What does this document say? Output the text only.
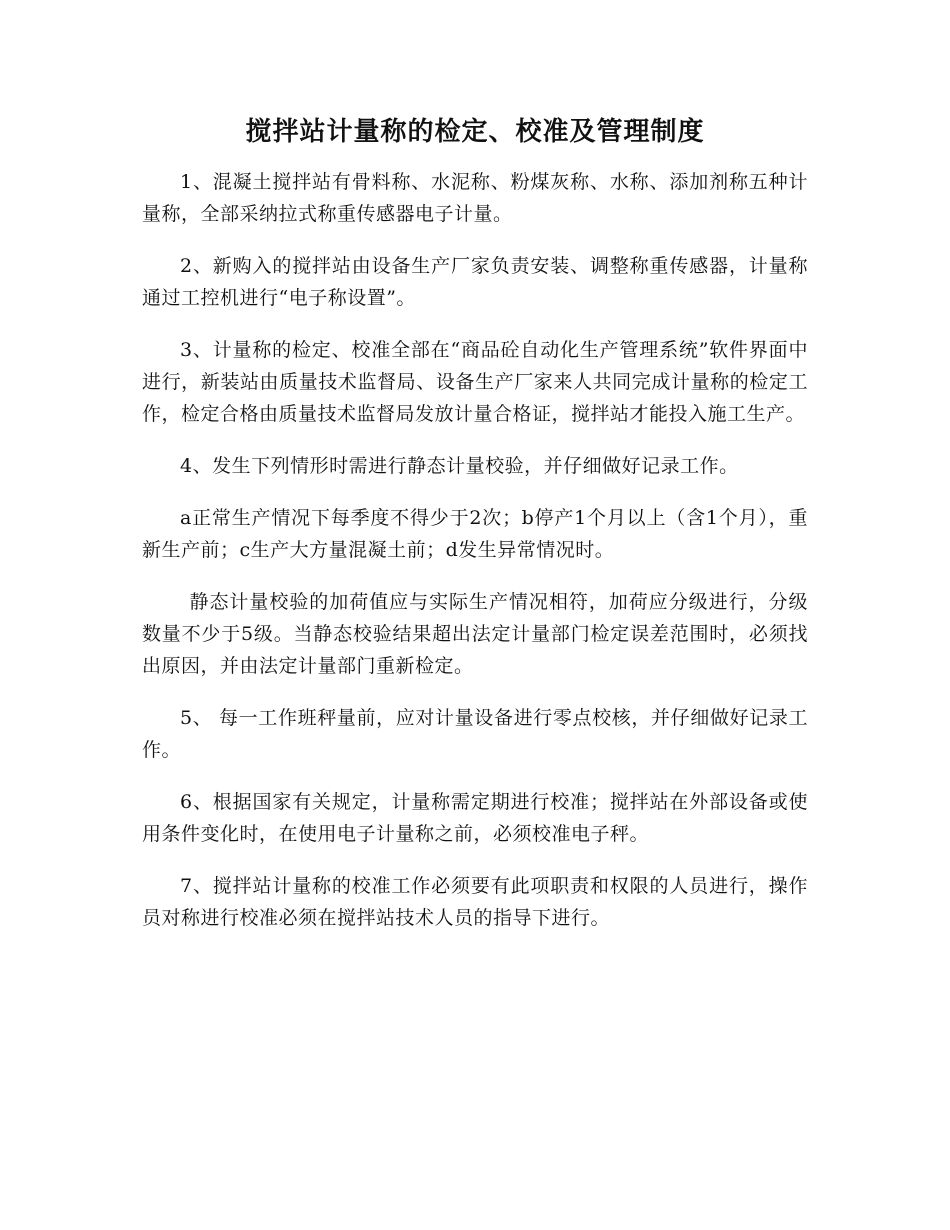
搅拌站计量称的检定、校准及管理制度

1、混凝土搅拌站有骨料称、水泥称、粉煤灰称、水称、添加剂称五种计量称，全部采纳拉式称重传感器电子计量。

2、新购入的搅拌站由设备生产厂家负责安装、调整称重传感器，计量称通过工控机进行“电子称设置”。

3、计量称的检定、校准全部在“商品砼自动化生产管理系统”软件界面中进行，新装站由质量技术监督局、设备生产厂家来人共同完成计量称的检定工作，检定合格由质量技术监督局发放计量合格证，搅拌站才能投入施工生产。

4、发生下列情形时需进行静态计量校验，并仔细做好记录工作。

a正常生产情况下每季度不得少于2次；b停产1个月以上（含1个月），重新生产前；c生产大方量混凝土前；d发生异常情况时。

静态计量校验的加荷值应与实际生产情况相符，加荷应分级进行，分级数量不少于5级。当静态校验结果超出法定计量部门检定误差范围时，必须找出原因，并由法定计量部门重新检定。

5、 每一工作班秤量前，应对计量设备进行零点校核，并仔细做好记录工作。

6、根据国家有关规定，计量称需定期进行校准；搅拌站在外部设备或使用条件变化时，在使用电子计量称之前，必须校准电子秤。

7、搅拌站计量称的校准工作必须要有此项职责和权限的人员进行，操作员对称进行校准必须在搅拌站技术人员的指导下进行。
